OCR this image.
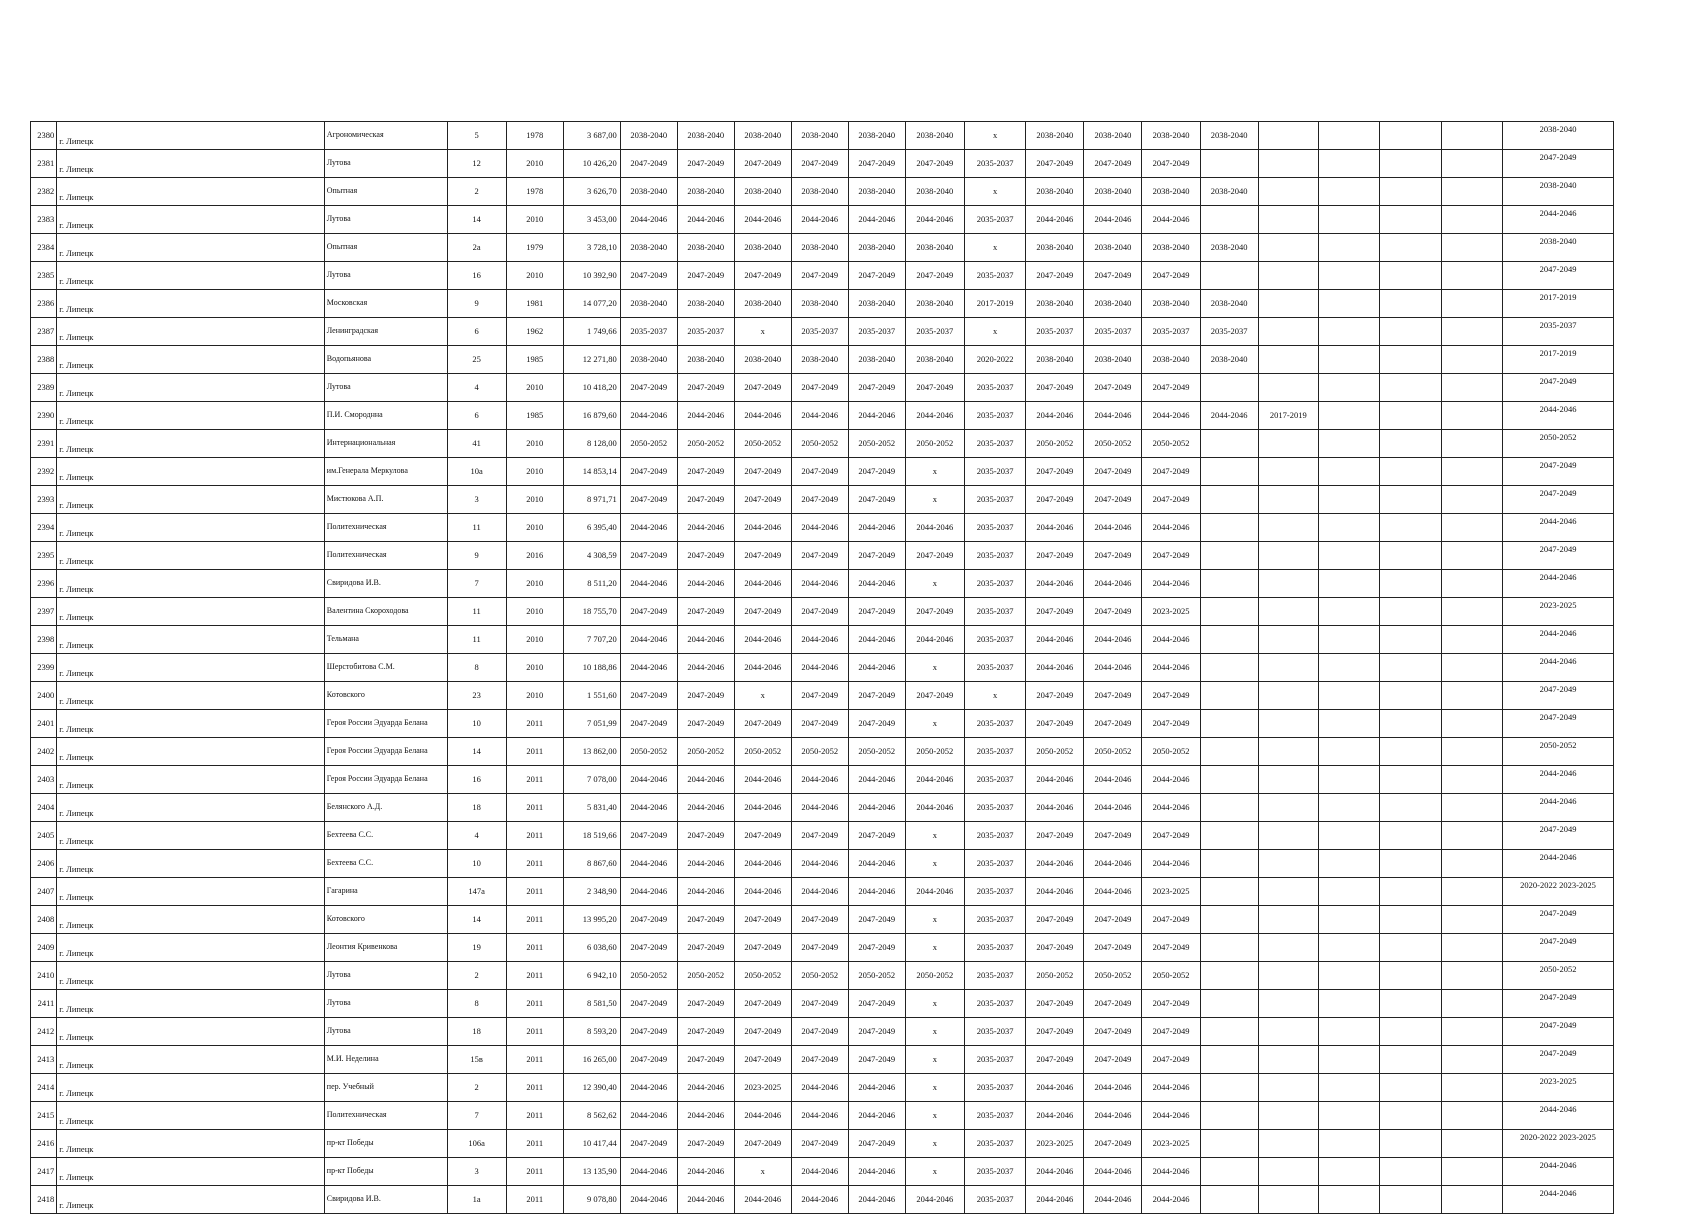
2380	г. Липецк	Агрономическая	5	1978	3 687,00	2038-2040	2038-2040	2038-2040	2038-2040	2038-2040	2038-2040	x	2038-2040	2038-2040	2038-2040	2038-2040					2038-2040
2381	г. Липецк	Лутова	12	2010	10 426,20	2047-2049	2047-2049	2047-2049	2047-2049	2047-2049	2047-2049	2035-2037	2047-2049	2047-2049	2047-2049						2047-2049
2382	г. Липецк	Опытная	2	1978	3 626,70	2038-2040	2038-2040	2038-2040	2038-2040	2038-2040	2038-2040	x	2038-2040	2038-2040	2038-2040	2038-2040					2038-2040
2383	г. Липецк	Лутова	14	2010	3 453,00	2044-2046	2044-2046	2044-2046	2044-2046	2044-2046	2044-2046	2035-2037	2044-2046	2044-2046	2044-2046						2044-2046
2384	г. Липецк	Опытная	2а	1979	3 728,10	2038-2040	2038-2040	2038-2040	2038-2040	2038-2040	2038-2040	x	2038-2040	2038-2040	2038-2040	2038-2040					2038-2040
2385	г. Липецк	Лутова	16	2010	10 392,90	2047-2049	2047-2049	2047-2049	2047-2049	2047-2049	2047-2049	2035-2037	2047-2049	2047-2049	2047-2049						2047-2049
2386	г. Липецк	Московская	9	1981	14 077,20	2038-2040	2038-2040	2038-2040	2038-2040	2038-2040	2038-2040	2017-2019	2038-2040	2038-2040	2038-2040	2038-2040					2017-2019
2387	г. Липецк	Ленинградская	6	1962	1 749,66	2035-2037	2035-2037	x	2035-2037	2035-2037	2035-2037	x	2035-2037	2035-2037	2035-2037	2035-2037					2035-2037
2388	г. Липецк	Водопьянова	25	1985	12 271,80	2038-2040	2038-2040	2038-2040	2038-2040	2038-2040	2038-2040	2020-2022	2038-2040	2038-2040	2038-2040	2038-2040					2017-2019
2389	г. Липецк	Лутова	4	2010	10 418,20	2047-2049	2047-2049	2047-2049	2047-2049	2047-2049	2047-2049	2035-2037	2047-2049	2047-2049	2047-2049						2047-2049
2390	г. Липецк	П.И. Смороднна	6	1985	16 879,60	2044-2046	2044-2046	2044-2046	2044-2046	2044-2046	2044-2046	2035-2037	2044-2046	2044-2046	2044-2046	2044-2046	2017-2019				2044-2046
2391	г. Липецк	Интернациональная	41	2010	8 128,00	2050-2052	2050-2052	2050-2052	2050-2052	2050-2052	2050-2052	2035-2037	2050-2052	2050-2052	2050-2052						2050-2052
2392	г. Липецк	им.Генерала Меркулова	10а	2010	14 853,14	2047-2049	2047-2049	2047-2049	2047-2049	2047-2049	x	2035-2037	2047-2049	2047-2049	2047-2049						2047-2049
2393	г. Липецк	Мистюкова А.П.	3	2010	8 971,71	2047-2049	2047-2049	2047-2049	2047-2049	2047-2049	x	2035-2037	2047-2049	2047-2049	2047-2049						2047-2049
2394	г. Липецк	Политехническая	11	2010	6 395,40	2044-2046	2044-2046	2044-2046	2044-2046	2044-2046	2044-2046	2035-2037	2044-2046	2044-2046	2044-2046						2044-2046
2395	г. Липецк	Политехническая	9	2016	4 308,59	2047-2049	2047-2049	2047-2049	2047-2049	2047-2049	2047-2049	2035-2037	2047-2049	2047-2049	2047-2049						2047-2049
2396	г. Липецк	Свиридова И.В.	7	2010	8 511,20	2044-2046	2044-2046	2044-2046	2044-2046	2044-2046	x	2035-2037	2044-2046	2044-2046	2044-2046						2044-2046
2397	г. Липецк	Валентина Скороходова	11	2010	18 755,70	2047-2049	2047-2049	2047-2049	2047-2049	2047-2049	2047-2049	2035-2037	2047-2049	2047-2049	2023-2025						2023-2025
2398	г. Липецк	Тельмана	11	2010	7 707,20	2044-2046	2044-2046	2044-2046	2044-2046	2044-2046	2044-2046	2035-2037	2044-2046	2044-2046	2044-2046						2044-2046
2399	г. Липецк	Шерстобитова С.М.	8	2010	10 188,86	2044-2046	2044-2046	2044-2046	2044-2046	2044-2046	x	2035-2037	2044-2046	2044-2046	2044-2046						2044-2046
2400	г. Липецк	Котовского	23	2010	1 551,60	2047-2049	2047-2049	x	2047-2049	2047-2049	2047-2049	x	2047-2049	2047-2049	2047-2049						2047-2049
2401	г. Липецк	Героя России Эдуарда Белана	10	2011	7 051,99	2047-2049	2047-2049	2047-2049	2047-2049	2047-2049	x	2035-2037	2047-2049	2047-2049	2047-2049						2047-2049
2402	г. Липецк	Героя России Эдуарда Белана	14	2011	13 862,00	2050-2052	2050-2052	2050-2052	2050-2052	2050-2052	2050-2052	2035-2037	2050-2052	2050-2052	2050-2052						2050-2052
2403	г. Липецк	Героя России Эдуарда Белана	16	2011	7 078,00	2044-2046	2044-2046	2044-2046	2044-2046	2044-2046	2044-2046	2035-2037	2044-2046	2044-2046	2044-2046						2044-2046
2404	г. Липецк	Белянского А.Д.	18	2011	5 831,40	2044-2046	2044-2046	2044-2046	2044-2046	2044-2046	2044-2046	2035-2037	2044-2046	2044-2046	2044-2046						2044-2046
2405	г. Липецк	Бехтеева С.С.	4	2011	18 519,66	2047-2049	2047-2049	2047-2049	2047-2049	2047-2049	x	2035-2037	2047-2049	2047-2049	2047-2049						2047-2049
2406	г. Липецк	Бехтеева С.С.	10	2011	8 867,60	2044-2046	2044-2046	2044-2046	2044-2046	2044-2046	x	2035-2037	2044-2046	2044-2046	2044-2046						2044-2046
2407	г. Липецк	Гагарина	147а	2011	2 348,90	2044-2046	2044-2046	2044-2046	2044-2046	2044-2046	2044-2046	2035-2037	2044-2046	2044-2046	2023-2025						2020-2022 2023-2025
2408	г. Липецк	Котовского	14	2011	13 995,20	2047-2049	2047-2049	2047-2049	2047-2049	2047-2049	x	2035-2037	2047-2049	2047-2049	2047-2049						2047-2049
2409	г. Липецк	Леонтия Кривенкова	19	2011	6 038,60	2047-2049	2047-2049	2047-2049	2047-2049	2047-2049	x	2035-2037	2047-2049	2047-2049	2047-2049						2047-2049
2410	г. Липецк	Лутова	2	2011	6 942,10	2050-2052	2050-2052	2050-2052	2050-2052	2050-2052	2050-2052	2035-2037	2050-2052	2050-2052	2050-2052						2050-2052
2411	г. Липецк	Лутова	8	2011	8 581,50	2047-2049	2047-2049	2047-2049	2047-2049	2047-2049	x	2035-2037	2047-2049	2047-2049	2047-2049						2047-2049
2412	г. Липецк	Лутова	18	2011	8 593,20	2047-2049	2047-2049	2047-2049	2047-2049	2047-2049	x	2035-2037	2047-2049	2047-2049	2047-2049						2047-2049
2413	г. Липецк	М.И. Неделина	15в	2011	16 265,00	2047-2049	2047-2049	2047-2049	2047-2049	2047-2049	x	2035-2037	2047-2049	2047-2049	2047-2049						2047-2049
2414	г. Липецк	пер. Учебный	2	2011	12 390,40	2044-2046	2044-2046	2023-2025	2044-2046	2044-2046	x	2035-2037	2044-2046	2044-2046	2044-2046						2023-2025
2415	г. Липецк	Политехническая	7	2011	8 562,62	2044-2046	2044-2046	2044-2046	2044-2046	2044-2046	x	2035-2037	2044-2046	2044-2046	2044-2046						2044-2046
2416	г. Липецк	пр-кт Победы	106а	2011	10 417,44	2047-2049	2047-2049	2047-2049	2047-2049	2047-2049	x	2035-2037	2023-2025	2047-2049	2023-2025						2020-2022 2023-2025
2417	г. Липецк	пр-кт Победы	3	2011	13 135,90	2044-2046	2044-2046	x	2044-2046	2044-2046	x	2035-2037	2044-2046	2044-2046	2044-2046						2044-2046
2418	г. Липецк	Свиридова И.В.	1а	2011	9 078,80	2044-2046	2044-2046	2044-2046	2044-2046	2044-2046	2044-2046	2035-2037	2044-2046	2044-2046	2044-2046						2044-2046
